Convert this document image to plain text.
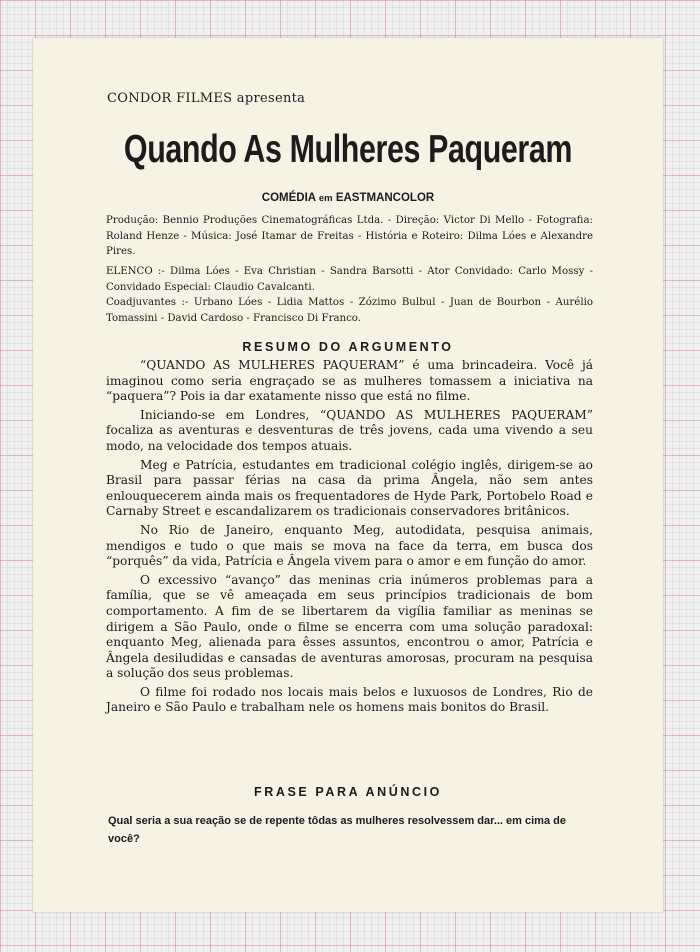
CONDOR FILMES apresenta
Quando As Mulheres Paqueram
COMÉDIA em EASTMANCOLOR

Produção: Bennio Produções Cinematográficas Ltda. - Direção: Victor Di Mello - Fotografia: Roland Henze - Música: José Itamar de Freitas - História e Roteiro: Dilma Lóes e Alexandre Pires.

ELENCO :- Dilma Lóes - Eva Christian - Sandra Barsotti - Ator Convidado: Carlo Mossy - Convidado Especial: Claudio Cavalcanti.

Coadjuvantes :- Urbano Lóes - Lidia Mattos - Zózimo Bulbul - Juan de Bourbon - Aurélio Tomassini - David Cardoso - Francisco Di Franco.

RESUMO DO ARGUMENTO

“QUANDO AS MULHERES PAQUERAM” é uma brincadeira. Você já imaginou como seria engraçado se as mulheres tomassem a iniciativa na “paquera”? Pois ia dar exatamente nisso que está no filme.

Iniciando-se em Londres, “QUANDO AS MULHERES PAQUERAM” focaliza as aventuras e desventuras de três jovens, cada uma vivendo a seu modo, na velocidade dos tempos atuais.

Meg e Patrícia, estudantes em tradicional colégio inglês, dirigem-se ao Brasil para passar férias na casa da prima Ângela, não sem antes enlouquecerem ainda mais os frequentadores de Hyde Park, Portobelo Road e Carnaby Street e escandalizarem os tradicionais conservadores britânicos.

No Rio de Janeiro, enquanto Meg, autodidata, pesquisa animais, mendigos e tudo o que mais se mova na face da terra, em busca dos “porquês” da vida, Patrícia e Ângela vivem para o amor e em função do amor.

O excessivo “avanço” das meninas cria inúmeros problemas para a família, que se vê ameaçada em seus princípios tradicionais de bom comportamento. A fim de se libertarem da vigília familiar as meninas se dirigem a São Paulo, onde o filme se encerra com uma solução paradoxal: enquanto Meg, alienada para êsses assuntos, encontrou o amor, Patrícia e Ângela desiludidas e cansadas de aventuras amorosas, procuram na pesquisa a solução dos seus problemas.

O filme foi rodado nos locais mais belos e luxuosos de Londres, Rio de Janeiro e São Paulo e trabalham nele os homens mais bonitos do Brasil.

FRASE PARA ANÚNCIO

Qual seria a sua reação se de repente tôdas as mulheres resolvessem dar... em cima de você?
